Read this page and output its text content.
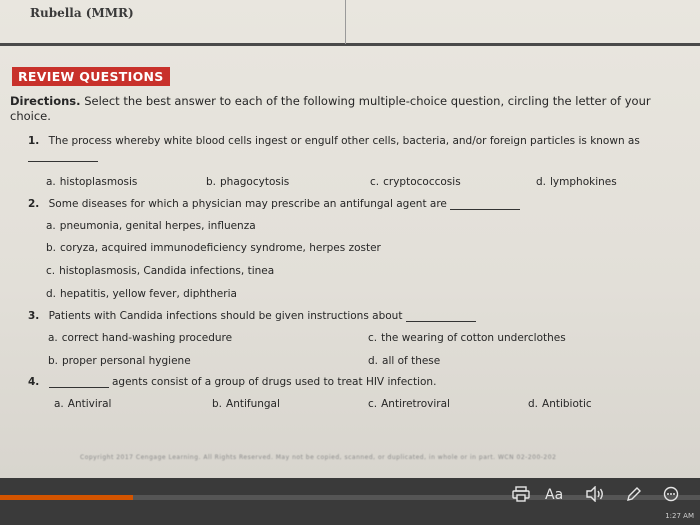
Rubella (MMR)
REVIEW QUESTIONS
Directions. Select the best answer to each of the following multiple-choice question, circling the letter of your choice.
1. The process whereby white blood cells ingest or engulf other cells, bacteria, and/or foreign particles is known as
a. histoplasmosis	b. phagocytosis	c. cryptococcosis	d. lymphokines
2. Some diseases for which a physician may prescribe an antifungal agent are
a. pneumonia, genital herpes, influenza
b. coryza, acquired immunodeficiency syndrome, herpes zoster
c. histoplasmosis, Candida infections, tinea
d. hepatitis, yellow fever, diphtheria
3. Patients with Candida infections should be given instructions about
a. correct hand-washing procedure	c. the wearing of cotton underclothes
b. proper personal hygiene	d. all of these
4.	agents consist of a group of drugs used to treat HIV infection.
a. Antiviral	b. Antifungal	c. Antiretroviral	d. Antibiotic
Copyright 2017 Cengage Learning. All Rights Reserved. May not be copied, scanned, or duplicated, in whole or in part. WCN 02-200-202
Aa
1:27 AM
